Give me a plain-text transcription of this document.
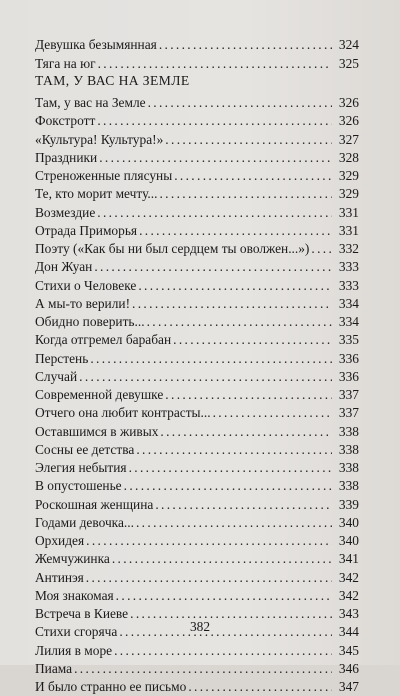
Девушка безымянная . . .	324
Тяга на юг . . .	325
ТАМ, У ВАС НА ЗЕМЛЕ
Там, у вас на Земле . . .	326
Фокстротт . . .	326
«Культура! Культура!» . . .	327
Праздники . . .	328
Стреноженные плясуны . . .	329
Те, кто морит мечту... . . .	329
Возмездие . . .	331
Отрада Приморья . . .	331
Поэту («Как бы ни был сердцем ты оволжен...») . . . 332
Дон Жуан . . .	333
Стихи о Человеке . . .	333
А мы-то верили! . . .	334
Обидно поверить... . . .	334
Когда отгремел барабан . . .	335
Перстень . . .	336
Случай . . .	336
Современной девушке . . .	337
Отчего она любит контрасты... . . .	337
Оставшимся в живых . . .	338
Сосны ее детства . . .	338
Элегия небытия . . .	338
В опустошенье . . .	338
Роскошная женщина . . .	339
Годами девочка... . . .	340
Орхидея . . .	340
Жемчужинка . . .	341
Антинэя . . .	342
Моя знакомая . . .	342
Встреча в Киеве . . .	343
Стихи сгоряча . . .	344
Лилия в море . . .	345
Пиама . . .	346
И было странно ее письмо . . .	347
382
